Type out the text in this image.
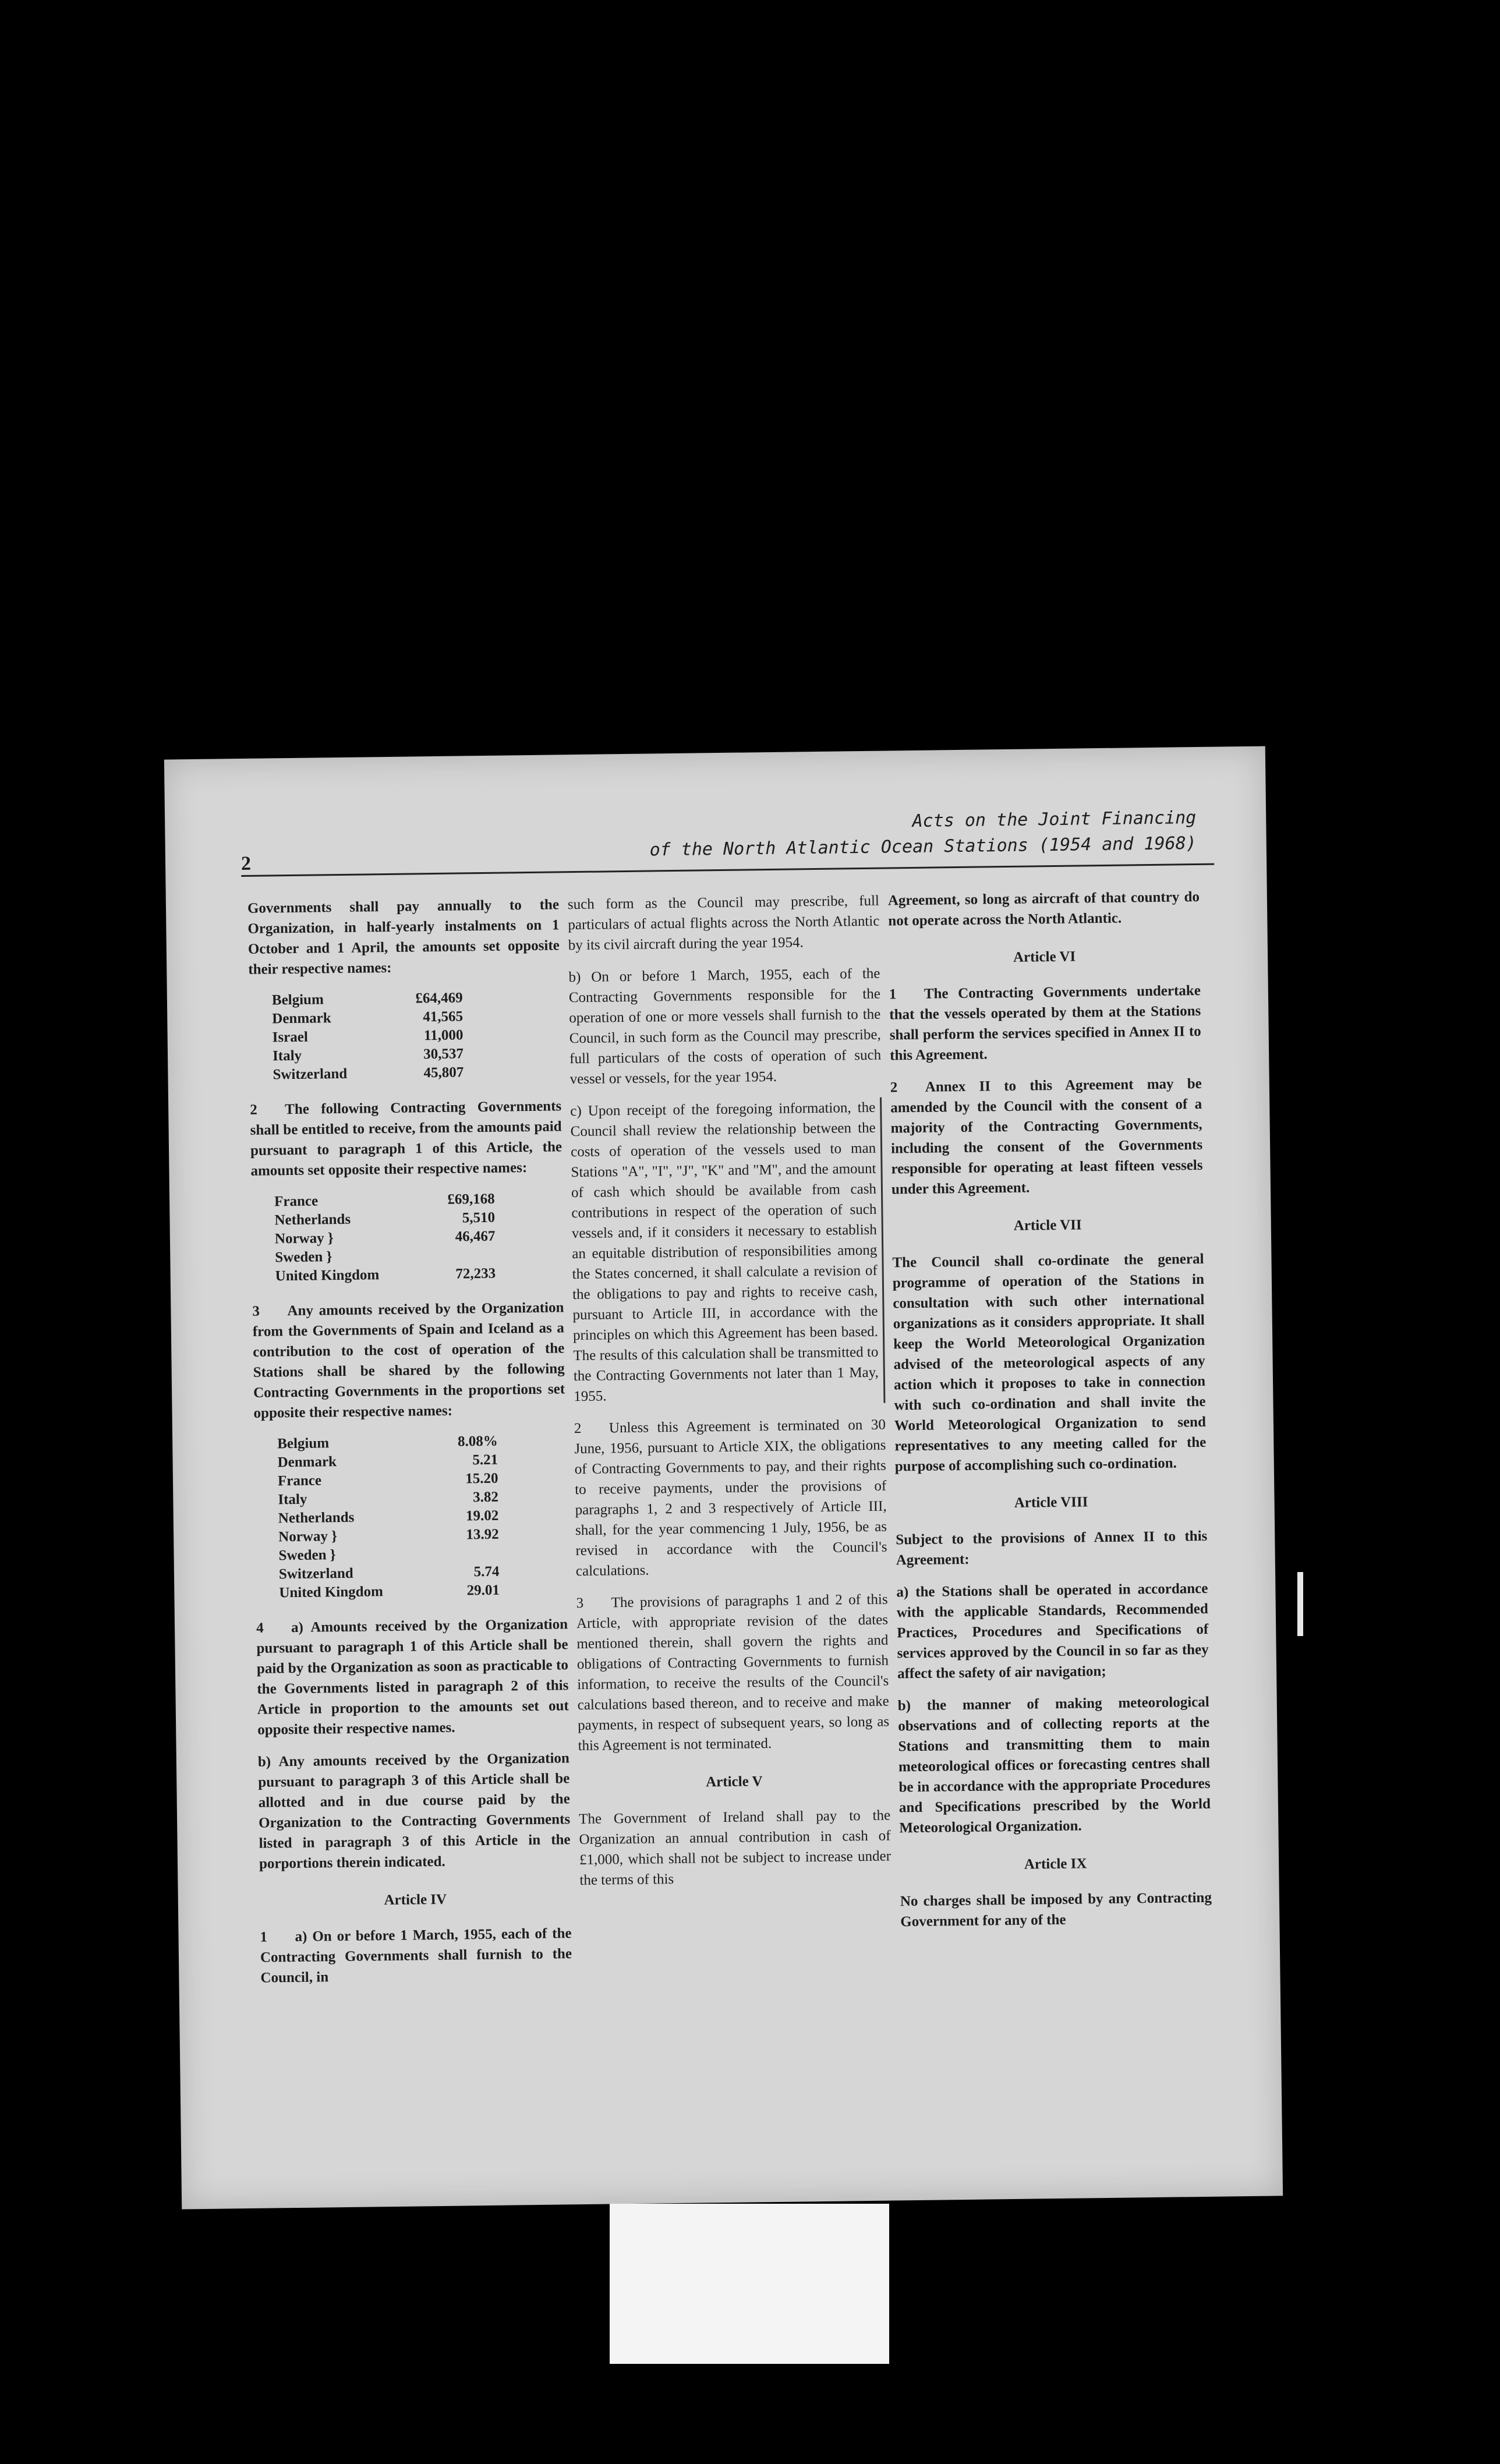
2
Acts on the Joint Financing
of the North Atlantic Ocean Stations (1954 and 1968)

Governments shall pay annually to the Organization, in half-yearly instalments on 1 October and 1 April, the amounts set opposite their respective names:

Belgium	£64,469
Denmark	41,565
Israel	11,000
Italy	30,537
Switzerland	45,807

2 The following Contracting Governments shall be entitled to receive, from the amounts paid pursuant to paragraph 1 of this Article, the amounts set opposite their respective names:

France	£69,168
Netherlands	5,510
Norway }	46,467
Sweden }	
United Kingdom	72,233

3 Any amounts received by the Organization from the Governments of Spain and Iceland as a contribution to the cost of operation of the Stations shall be shared by the following Contracting Governments in the proportions set opposite their respective names:

Belgium	8.08%
Denmark	5.21
France	15.20
Italy	3.82
Netherlands	19.02
Norway }	13.92
Sweden }	
Switzerland	5.74
United Kingdom	29.01

4 a) Amounts received by the Organization pursuant to paragraph 1 of this Article shall be paid by the Organization as soon as practicable to the Governments listed in paragraph 2 of this Article in proportion to the amounts set out opposite their respective names.

b) Any amounts received by the Organization pursuant to paragraph 3 of this Article shall be allotted and in due course paid by the Organization to the Contracting Governments listed in paragraph 3 of this Article in the porportions therein indicated.

Article IV

1 a) On or before 1 March, 1955, each of the Contracting Governments shall furnish to the Council, in

such form as the Council may prescribe, full particulars of actual flights across the North Atlantic by its civil aircraft during the year 1954.

b) On or before 1 March, 1955, each of the Contracting Governments responsible for the operation of one or more vessels shall furnish to the Council, in such form as the Council may prescribe, full particulars of the costs of operation of such vessel or vessels, for the year 1954.

c) Upon receipt of the foregoing information, the Council shall review the relationship between the costs of operation of the vessels used to man Stations "A", "I", "J", "K" and "M", and the amount of cash which should be available from cash contributions in respect of the operation of such vessels and, if it considers it necessary to establish an equitable distribution of responsibilities among the States concerned, it shall calculate a revision of the obligations to pay and rights to receive cash, pursuant to Article III, in accordance with the principles on which this Agreement has been based. The results of this calculation shall be transmitted to the Contracting Governments not later than 1 May, 1955.

2 Unless this Agreement is terminated on 30 June, 1956, pursuant to Article XIX, the obligations of Contracting Governments to pay, and their rights to receive payments, under the provisions of paragraphs 1, 2 and 3 respectively of Article III, shall, for the year commencing 1 July, 1956, be as revised in accordance with the Council's calculations.

3 The provisions of paragraphs 1 and 2 of this Article, with appropriate revision of the dates mentioned therein, shall govern the rights and obligations of Contracting Governments to furnish information, to receive the results of the Council's calculations based thereon, and to receive and make payments, in respect of subsequent years, so long as this Agreement is not terminated.

Article V

The Government of Ireland shall pay to the Organization an annual contribution in cash of £1,000, which shall not be subject to increase under the terms of this

Agreement, so long as aircraft of that country do not operate across the North Atlantic.

Article VI

1 The Contracting Governments undertake that the vessels operated by them at the Stations shall perform the services specified in Annex II to this Agreement.

2 Annex II to this Agreement may be amended by the Council with the consent of a majority of the Contracting Governments, including the consent of the Governments responsible for operating at least fifteen vessels under this Agreement.

Article VII

The Council shall co-ordinate the general programme of operation of the Stations in consultation with such other international organizations as it considers appropriate. It shall keep the World Meteorological Organization advised of the meteorological aspects of any action which it proposes to take in connection with such co-ordination and shall invite the World Meteorological Organization to send representatives to any meeting called for the purpose of accomplishing such co-ordination.

Article VIII

Subject to the provisions of Annex II to this Agreement:

a) the Stations shall be operated in accordance with the applicable Standards, Recommended Practices, Procedures and Specifications of services approved by the Council in so far as they affect the safety of air navigation;

b) the manner of making meteorological observations and of collecting reports at the Stations and transmitting them to main meteorological offices or forecasting centres shall be in accordance with the appropriate Procedures and Specifications prescribed by the World Meteorological Organization.

Article IX

No charges shall be imposed by any Contracting Government for any of the
